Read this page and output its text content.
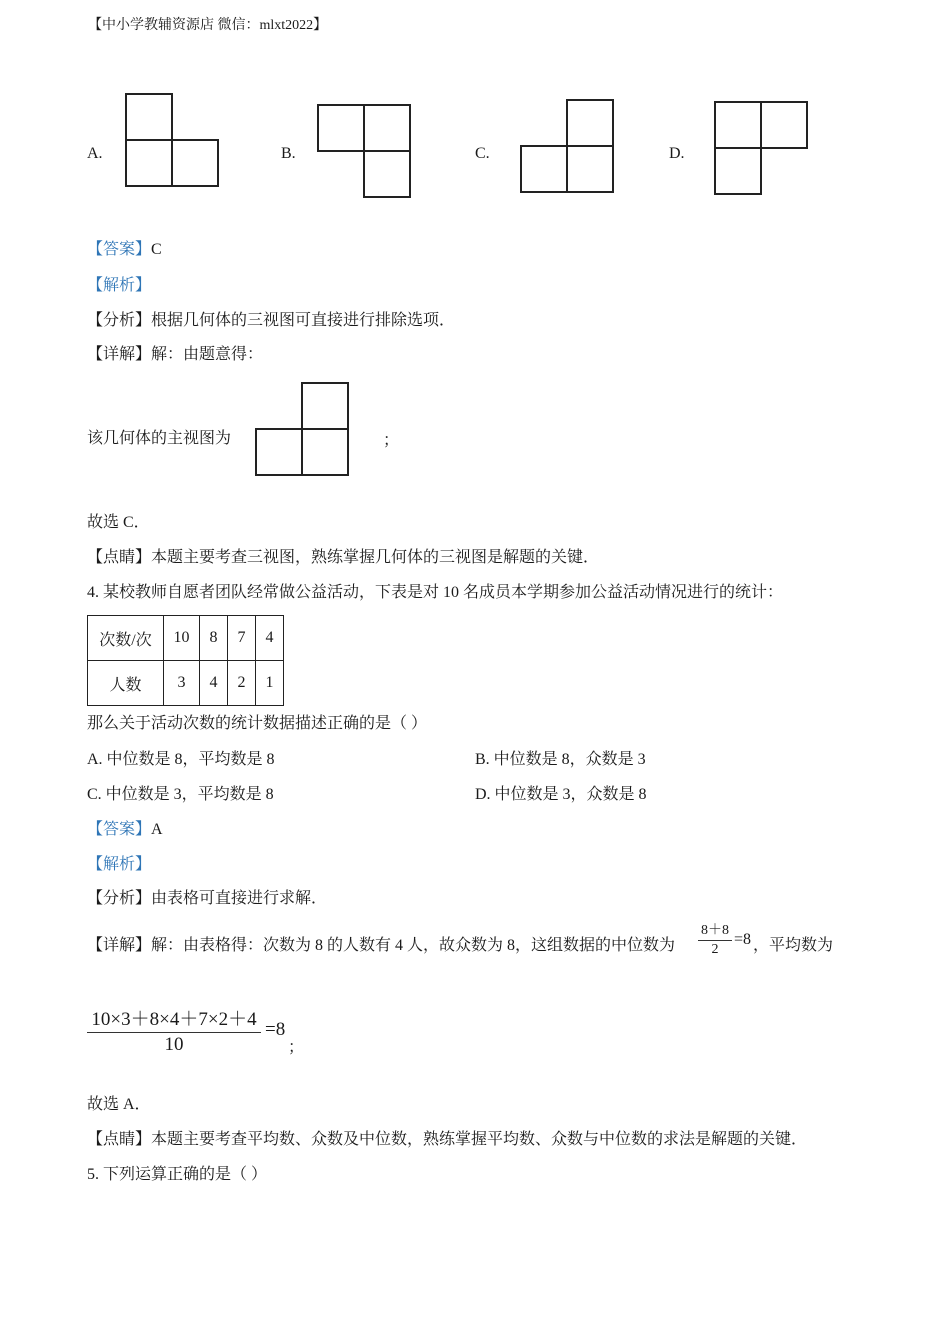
【中小学教辅资源店 微信：mlxt2022】
A.	B.	C.	D.
【答案】C
【解析】
【分析】根据几何体的三视图可直接进行排除选项．
【详解】解：由题意得：
该几何体的主视图为	；
故选 C．
【点睛】本题主要考查三视图，熟练掌握几何体的三视图是解题的关键．
4. 某校教师自愿者团队经常做公益活动，下表是对 10 名成员本学期参加公益活动情况进行的统计：
次数/次	10	8	7	4
人数	3	4	2	1
那么关于活动次数的统计数据描述正确的是（ ）
A. 中位数是 8，平均数是 8	B. 中位数是 8，众数是 3
C. 中位数是 3，平均数是 8	D. 中位数是 3，众数是 8
【答案】A
【解析】
【分析】由表格可直接进行求解．
【详解】解：由表格得：次数为 8 的人数有 4 人，故众数为 8，这组数据的中位数为
8＋8
2
=8 ，平均数为
10×3＋8×4＋7×2＋4
10
=8
；
故选 A．
【点睛】本题主要考查平均数、众数及中位数，熟练掌握平均数、众数与中位数的求法是解题的关键．
5. 下列运算正确的是（ ）
